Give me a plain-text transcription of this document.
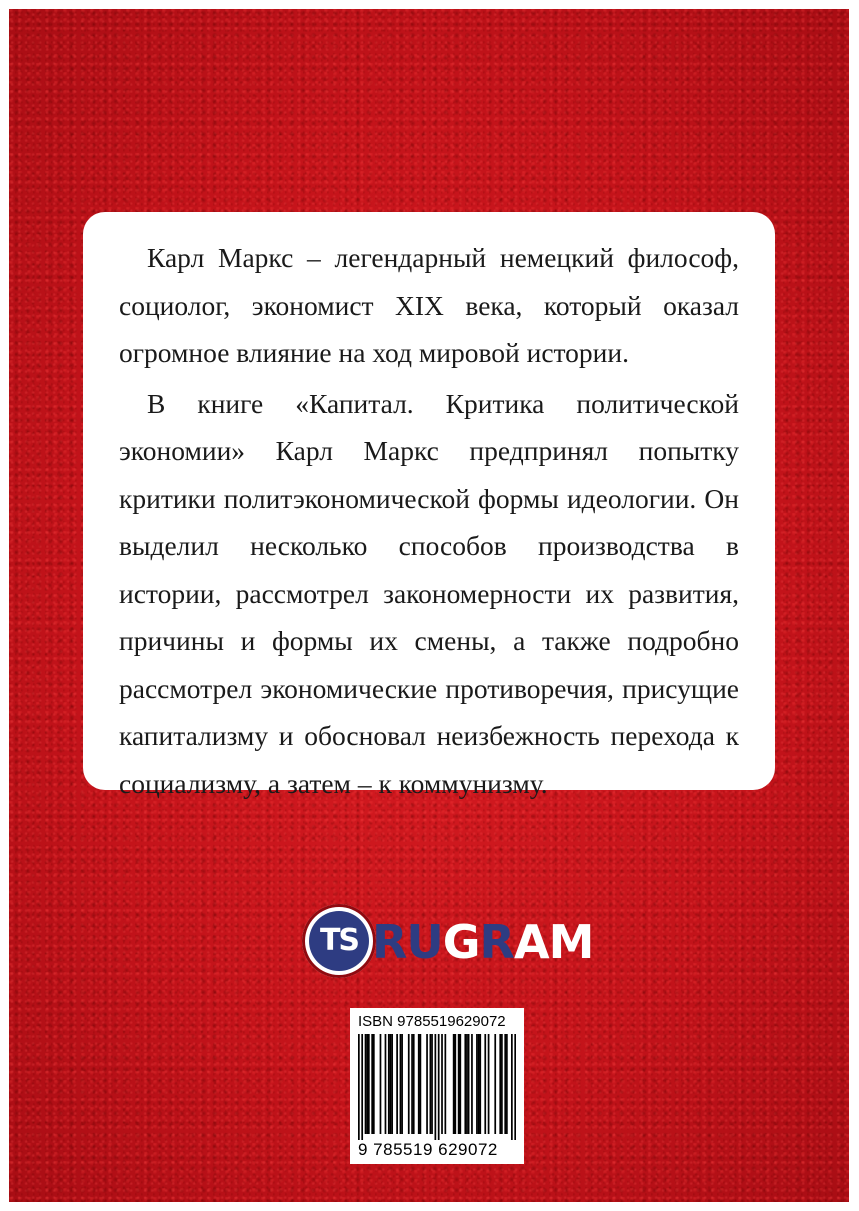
Карл Маркс – легендарный немецкий философ, социолог, экономист XIX века, который оказал огромное влияние на ход мировой истории.

В книге «Капитал. Критика политической экономии» Карл Маркс предпринял попытку критики политэкономической формы идеологии. Он выделил несколько способов производства в истории, рассмотрел закономерности их развития, причины и формы их смены, а также подробно рассмотрел экономические противоречия, присущие капитализму и обосновал неизбежность перехода к социализму, а затем – к коммунизму.

TS RUGRAM
ISBN 9785519629072
9 785519 629072
